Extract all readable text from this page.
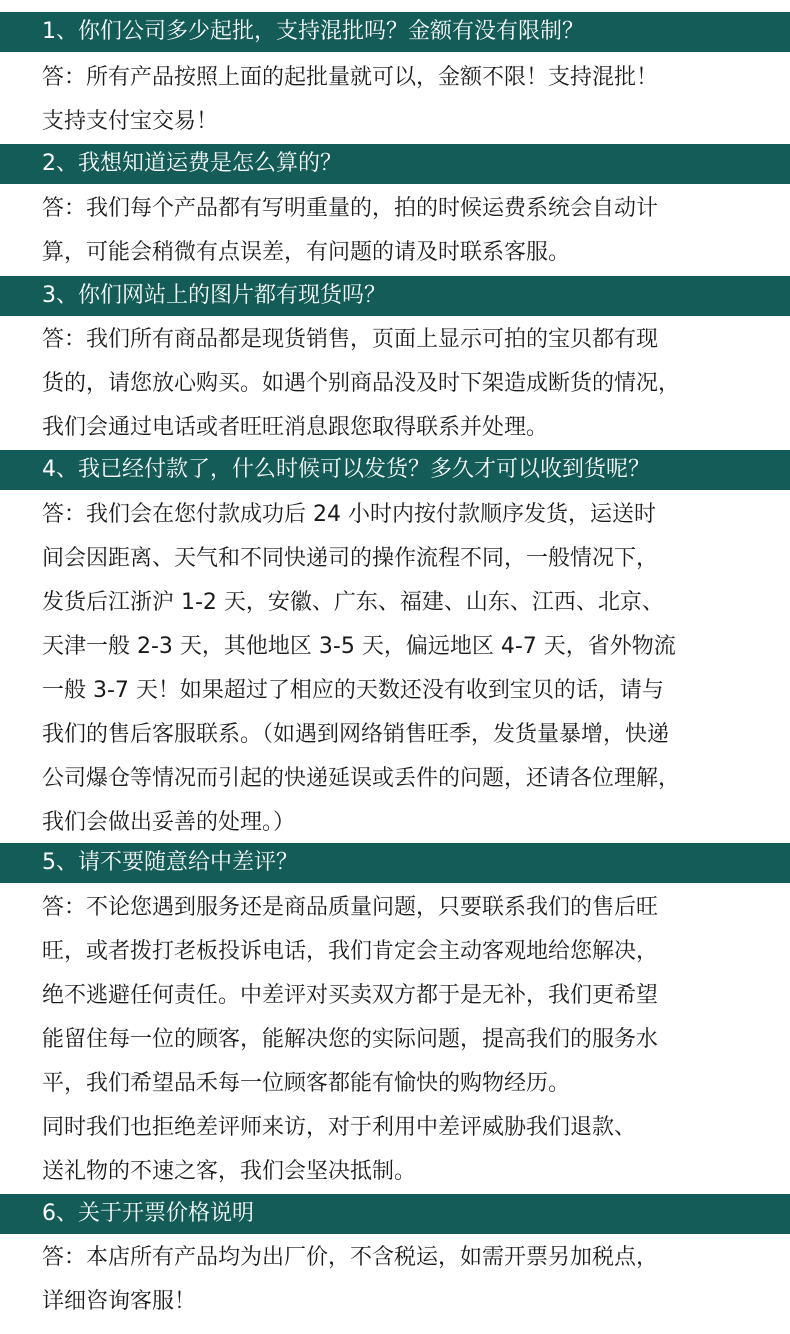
1、你们公司多少起批，支持混批吗？金额有没有限制？
答：所有产品按照上面的起批量就可以，金额不限！支持混批！
支持支付宝交易！
2、我想知道运费是怎么算的？
答：我们每个产品都有写明重量的，拍的时候运费系统会自动计
算，可能会稍微有点误差，有问题的请及时联系客服。
3、你们网站上的图片都有现货吗？
答：我们所有商品都是现货销售，页面上显示可拍的宝贝都有现
货的，请您放心购买。如遇个别商品没及时下架造成断货的情况，
我们会通过电话或者旺旺消息跟您取得联系并处理。
4、我已经付款了，什么时候可以发货？多久才可以收到货呢？
答：我们会在您付款成功后 24 小时内按付款顺序发货，运送时
间会因距离、天气和不同快递司的操作流程不同，一般情况下，
发货后江浙沪 1-2 天，安徽、广东、福建、山东、江西、北京、
天津一般 2-3 天，其他地区 3-5 天，偏远地区 4-7 天，省外物流
一般 3-7 天！如果超过了相应的天数还没有收到宝贝的话，请与
我们的售后客服联系。（如遇到网络销售旺季，发货量暴增，快递
公司爆仓等情况而引起的快递延误或丢件的问题，还请各位理解，
我们会做出妥善的处理。）
5、请不要随意给中差评？
答：不论您遇到服务还是商品质量问题，只要联系我们的售后旺
旺，或者拨打老板投诉电话，我们肯定会主动客观地给您解决，
绝不逃避任何责任。中差评对买卖双方都于是无补，我们更希望
能留住每一位的顾客，能解决您的实际问题，提高我们的服务水
平，我们希望品禾每一位顾客都能有愉快的购物经历。
同时我们也拒绝差评师来访，对于利用中差评威胁我们退款、
送礼物的不速之客，我们会坚决抵制。
6、关于开票价格说明
答：本店所有产品均为出厂价，不含税运，如需开票另加税点，
详细咨询客服！
